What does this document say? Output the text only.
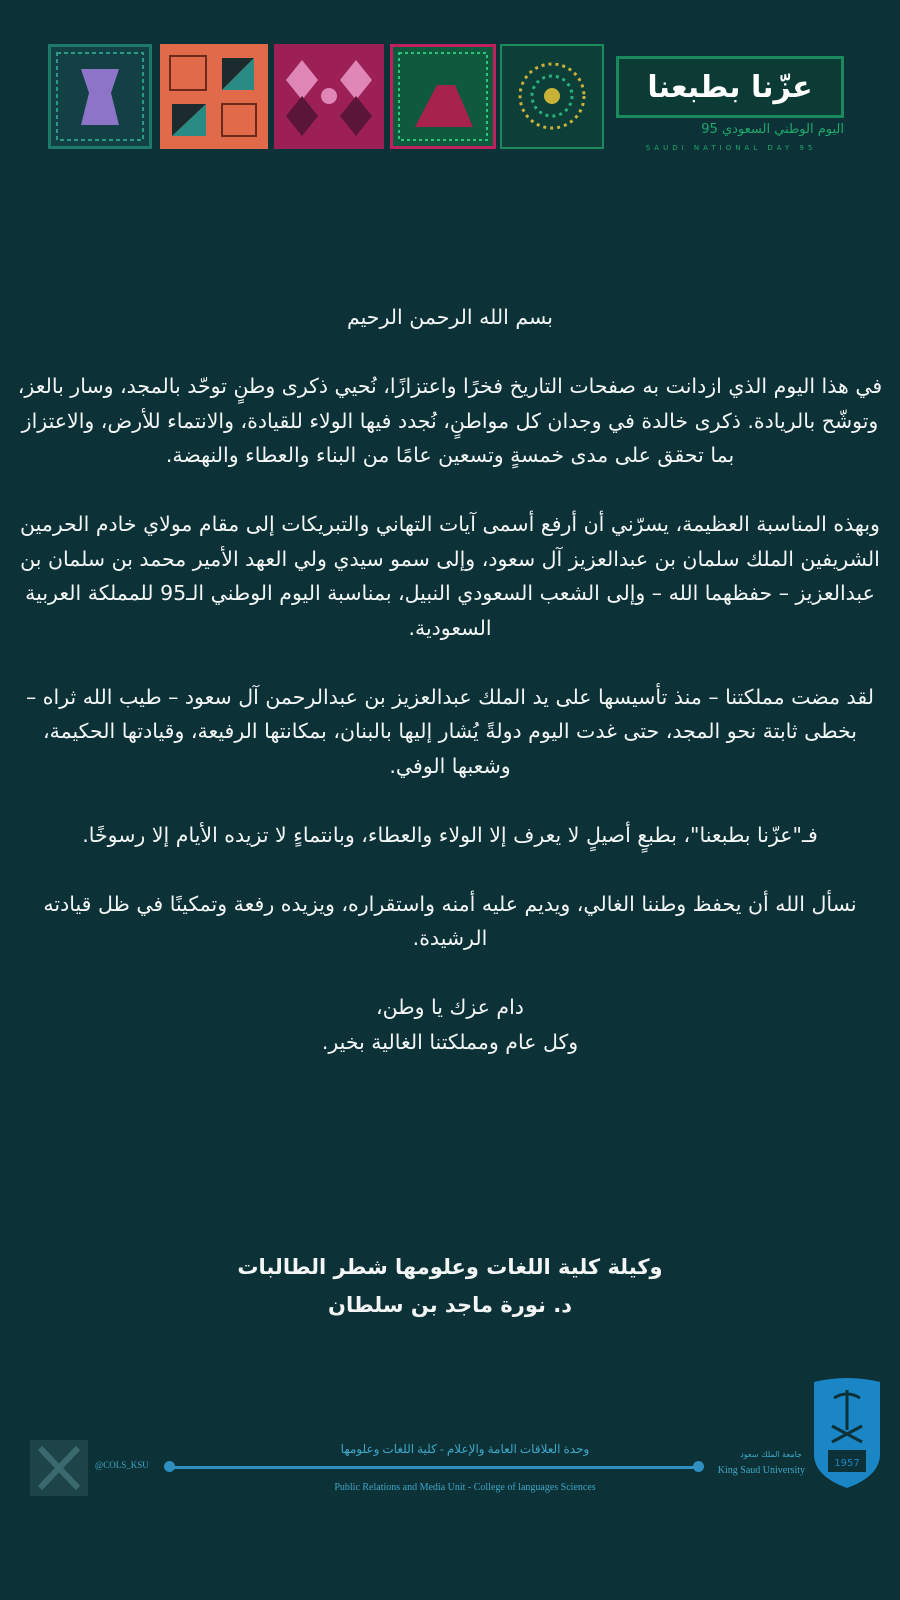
عزّنا بطبعنا
اليوم الوطني السعودي 95
SAUDI NATIONAL DAY 95

بسم الله الرحمن الرحيم

في هذا اليوم الذي ازدانت به صفحات التاريخ فخرًا واعتزازًا، نُحيي ذكرى وطنٍ توحّد بالمجد، وسار بالعز، وتوشّح بالريادة. ذكرى خالدة في وجدان كل مواطنٍ، نُجدد فيها الولاء للقيادة، والانتماء للأرض، والاعتزاز بما تحقق على مدى خمسةٍ وتسعين عامًا من البناء والعطاء والنهضة.

وبهذه المناسبة العظيمة، يسرّني أن أرفع أسمى آيات التهاني والتبريكات إلى مقام مولاي خادم الحرمين الشريفين الملك سلمان بن عبدالعزيز آل سعود، وإلى سمو سيدي ولي العهد الأمير محمد بن سلمان بن عبدالعزيز – حفظهما الله – وإلى الشعب السعودي النبيل، بمناسبة اليوم الوطني الـ95 للمملكة العربية السعودية.

لقد مضت مملكتنا – منذ تأسيسها على يد الملك عبدالعزيز بن عبدالرحمن آل سعود – طيب الله ثراه – بخطى ثابتة نحو المجد، حتى غدت اليوم دولةً يُشار إليها بالبنان، بمكانتها الرفيعة، وقيادتها الحكيمة، وشعبها الوفي.

فـ"عزّنا بطبعنا"، بطبعٍ أصيلٍ لا يعرف إلا الولاء والعطاء، وبانتماءٍ لا تزيده الأيام إلا رسوخًا.

نسأل الله أن يحفظ وطننا الغالي، ويديم عليه أمنه واستقراره، ويزيده رفعة وتمكينًا في ظل قيادته الرشيدة.

دام عزك يا وطن،
وكل عام ومملكتنا الغالية بخير.
وكيلة كلية اللغات وعلومها شطر الطالبات
د. نورة ماجد بن سلطان
@COLS_KSU
وحدة العلاقات العامة والإعلام - كلية اللغات وعلومها
Public Relations and Media Unit - College of languages Sciences
جامعة الملك سعود
King Saud University
1957
